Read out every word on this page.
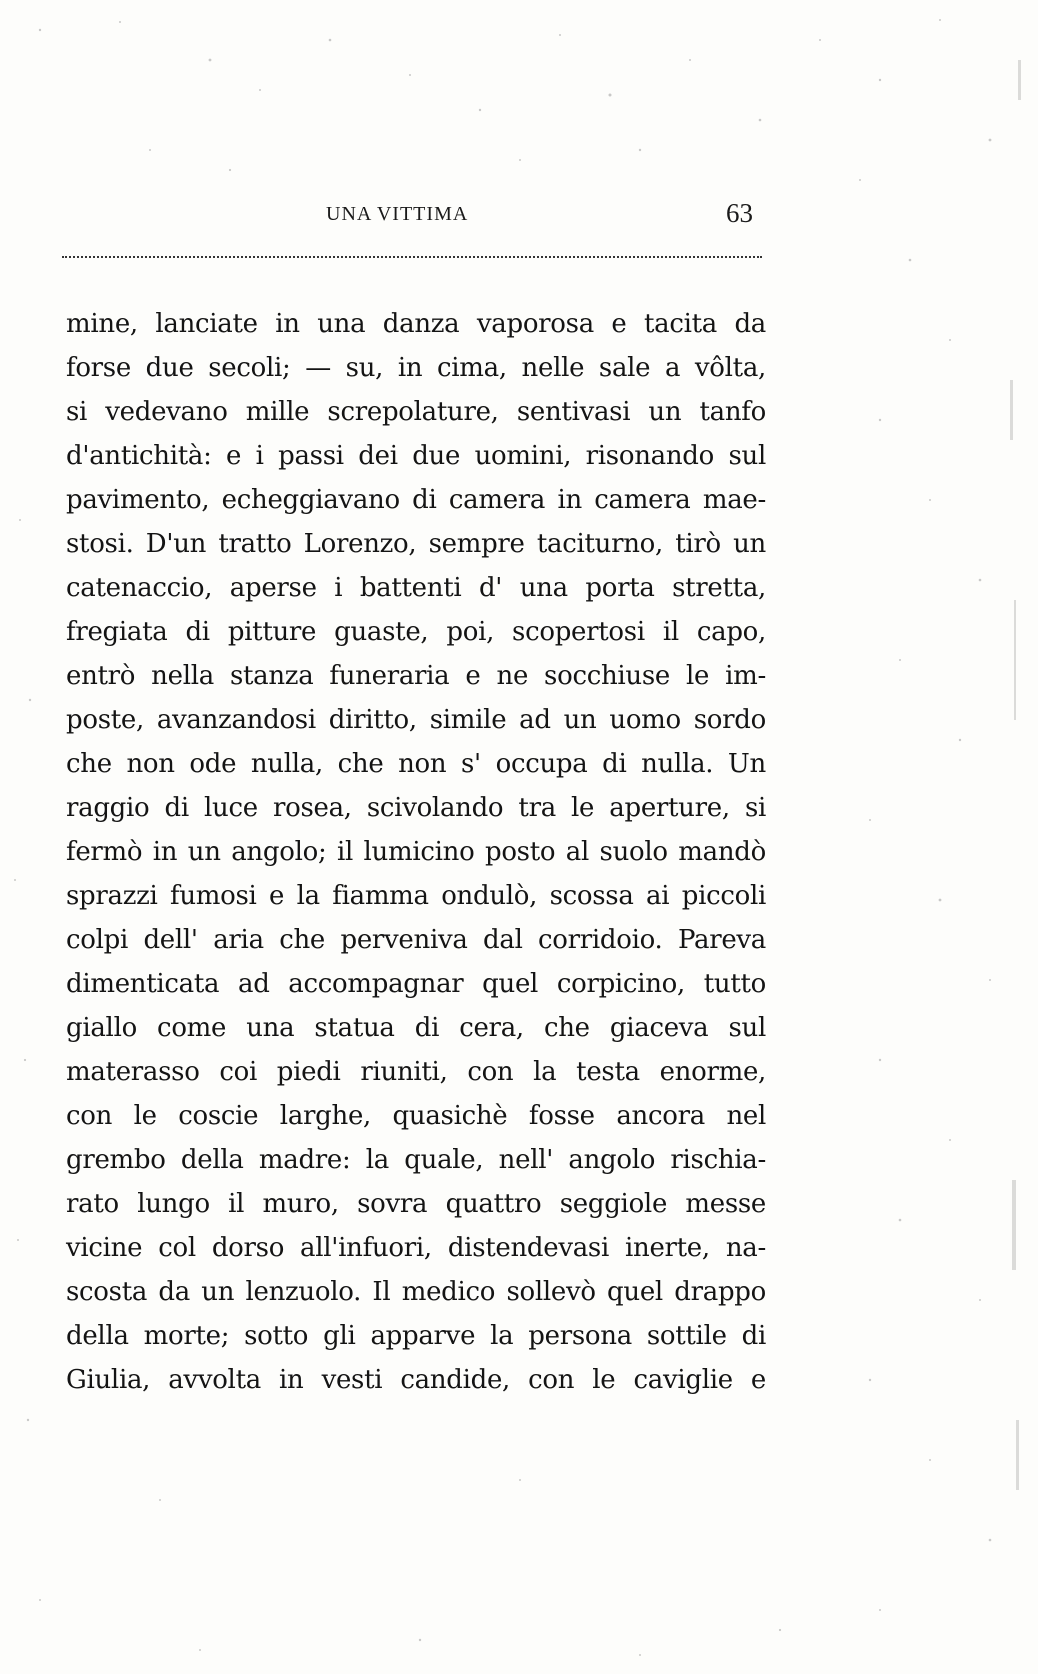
UNA VITTIMA	63
mine, lanciate in una danza vaporosa e tacita da
forse due secoli; — su, in cima, nelle sale a vôlta,
si vedevano mille screpolature, sentivasi un tanfo
d'antichità: e i passi dei due uomini, risonando sul
pavimento, echeggiavano di camera in camera mae-
stosi. D'un tratto Lorenzo, sempre taciturno, tirò un
catenaccio, aperse i battenti d' una porta stretta,
fregiata di pitture guaste, poi, scopertosi il capo,
entrò nella stanza funeraria e ne socchiuse le im-
poste, avanzandosi diritto, simile ad un uomo sordo
che non ode nulla, che non s' occupa di nulla. Un
raggio di luce rosea, scivolando tra le aperture, si
fermò in un angolo; il lumicino posto al suolo mandò
sprazzi fumosi e la fiamma ondulò, scossa ai piccoli
colpi dell' aria che perveniva dal corridoio. Pareva
dimenticata ad accompagnar quel corpicino, tutto
giallo come una statua di cera, che giaceva sul
materasso coi piedi riuniti, con la testa enorme,
con le coscie larghe, quasichè fosse ancora nel
grembo della madre: la quale, nell' angolo rischia-
rato lungo il muro, sovra quattro seggiole messe
vicine col dorso all'infuori, distendevasi inerte, na-
scosta da un lenzuolo. Il medico sollevò quel drappo
della morte; sotto gli apparve la persona sottile di
Giulia, avvolta in vesti candide, con le caviglie e
